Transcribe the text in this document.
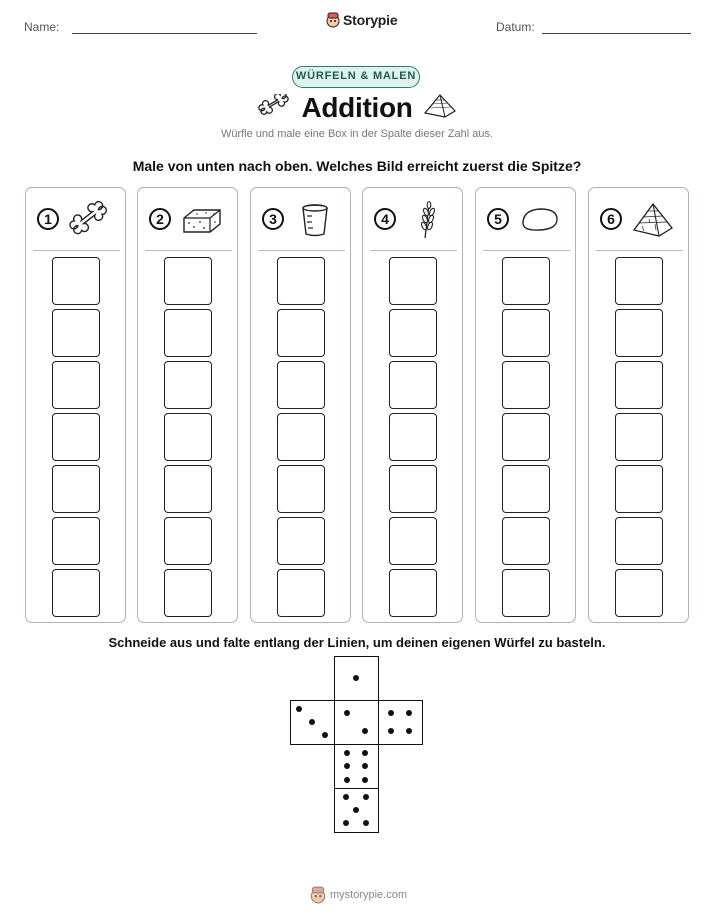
Name:	Storypie	Datum:
WÜRFELN & MALEN
Addition
Würfle und male eine Box in der Spalte dieser Zahl aus.
Male von unten nach oben. Welches Bild erreicht zuerst die Spitze?
1	2	3	4	5	6
Schneide aus und falte entlang der Linien, um deinen eigenen Würfel zu basteln.
mystorypie.com
